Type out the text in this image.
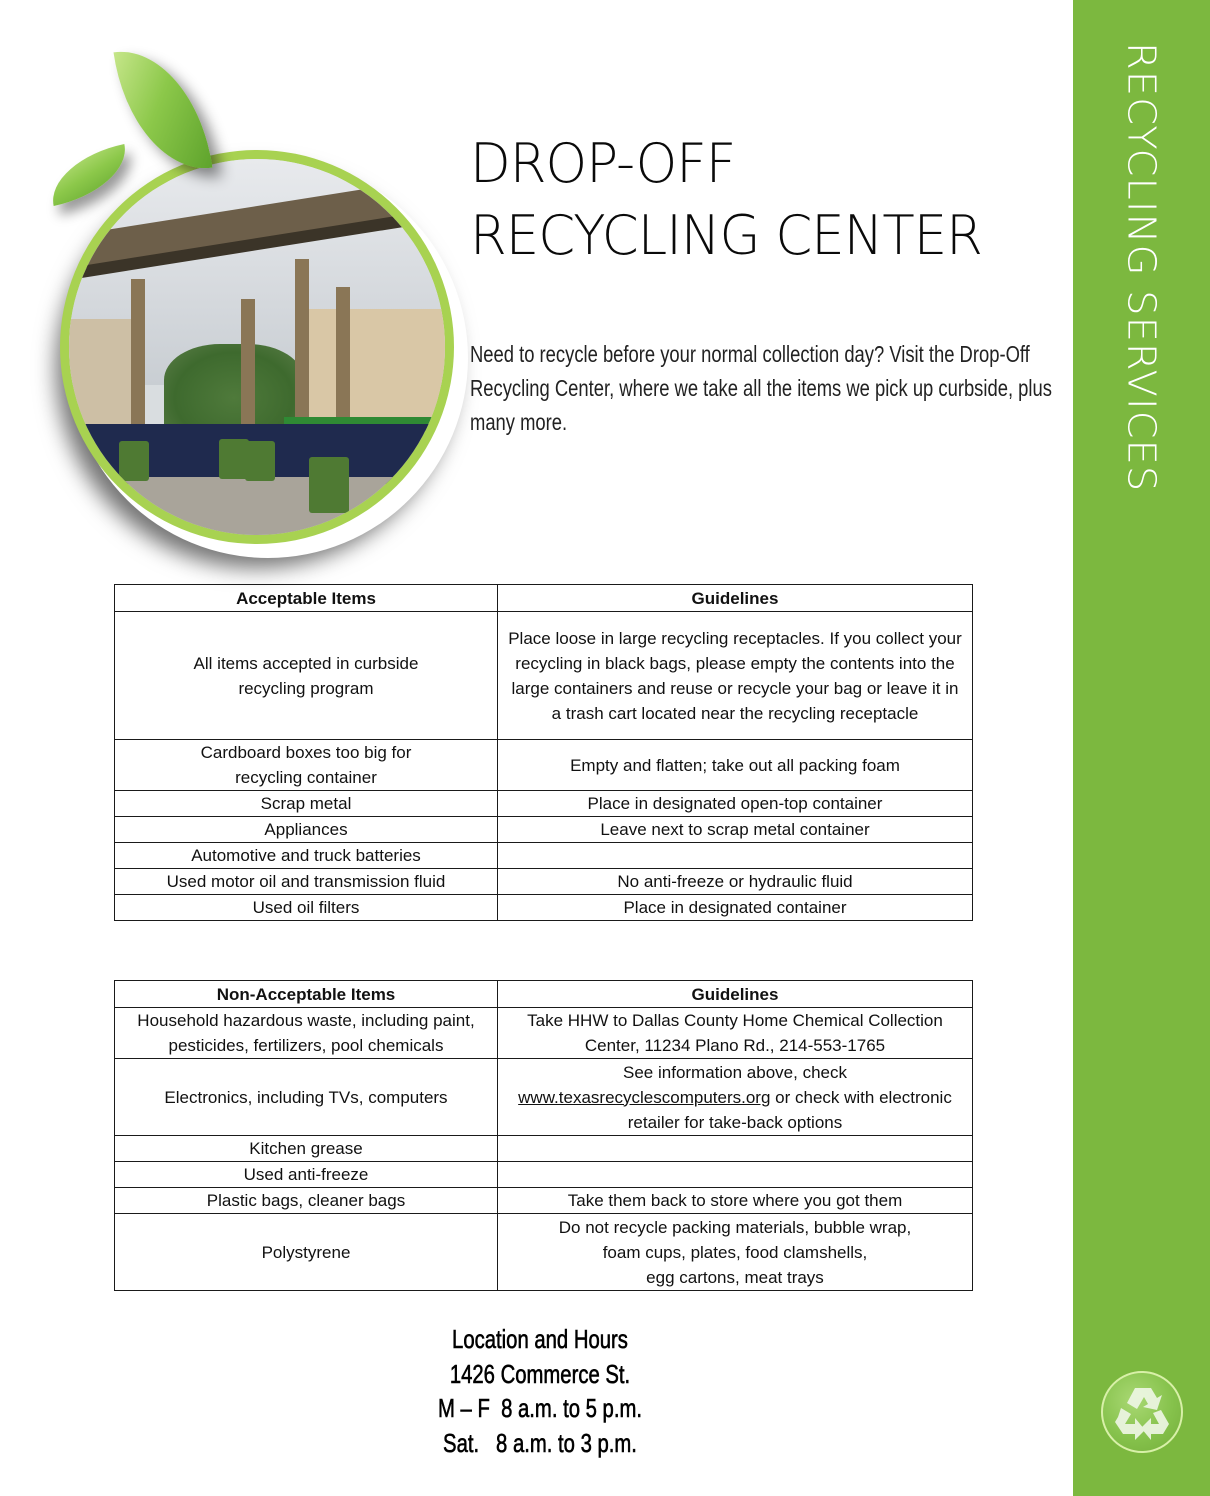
RECYCLING SERVICES
DROP-OFF
RECYCLING CENTER

Need to recycle before your normal collection day? Visit the Drop-Off Recycling Center, where we take all the items we pick up curbside, plus many more.

Acceptable Items	Guidelines

All items accepted in curbside recycling program	Place loose in large recycling receptacles. If you collect your recycling in black bags, please empty the contents into the large containers and reuse or recycle your bag or leave it in a trash cart located near the recycling receptacle

Cardboard boxes too big for recycling container	Empty and flatten; take out all packing foam
Scrap metal	Place in designated open-top container
Appliances	Leave next to scrap metal container
Automotive and truck batteries	
Used motor oil and transmission fluid	No anti-freeze or hydraulic fluid
Used oil filters	Place in designated container
Non-Acceptable Items	Guidelines
Household hazardous waste, including paint, pesticides, fertilizers, pool chemicals	Take HHW to Dallas County Home Chemical Collection Center, 11234 Plano Rd., 214-553-1765

Electronics, including TVs, computers	See information above, check
www.texasrecyclescomputers.org or check with electronic retailer for take-back options

Kitchen grease	
Used anti-freeze	
Plastic bags, cleaner bags	Take them back to store where you got them
Polystyrene	Do not recycle packing materials, bubble wrap,
foam cups, plates, food clamshells,
egg cartons, meat trays
Location and Hours
1426 Commerce St.
M – F  8 a.m. to 5 p.m.
Sat.   8 a.m. to 3 p.m.
